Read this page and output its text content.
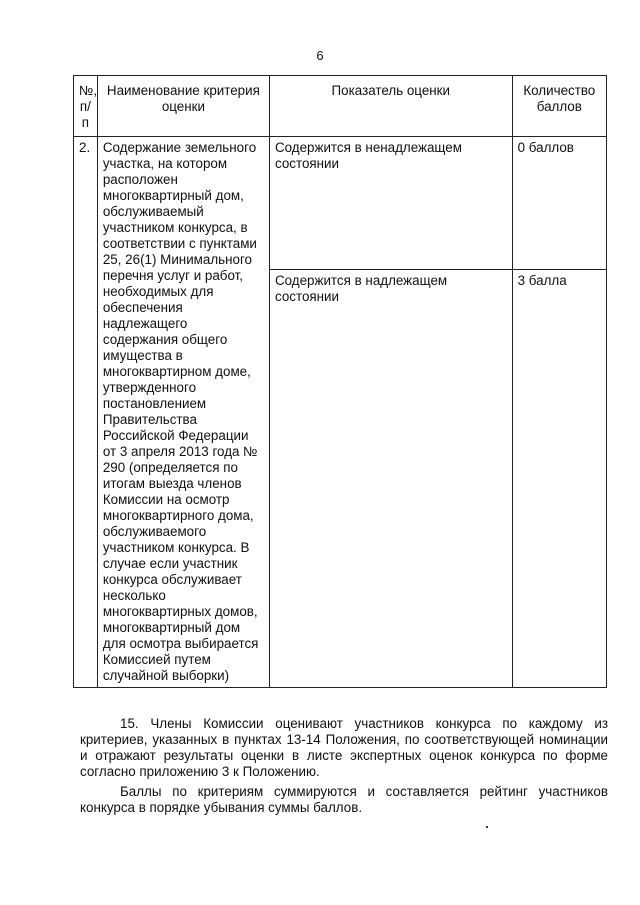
6
№, п/п	Наименование критерия оценки	Показатель оценки	Количество баллов
2.	Содержание земельного участка, на котором расположен многоквартирный дом, обслуживаемый участником конкурса, в соответствии с пунктами 25, 26(1) Минимального перечня услуг и работ, необходимых для обеспечения надлежащего содержания общего имущества в многоквартирном доме, утвержденного постановлением Правительства Российской Федерации от 3 апреля 2013 года № 290 (определяется по итогам выезда членов Комиссии на осмотр многоквартирного дома, обслуживаемого участником конкурса. В случае если участник конкурса обслуживает несколько многоквартирных домов, многоквартирный дом для осмотра выбирается Комиссией путем случайной выборки)	Содержится в ненадлежащем состоянии	0 баллов
		Содержится в надлежащем состоянии	3 балла

15. Члены Комиссии оценивают участников конкурса по каждому из критериев, указанных в пунктах 13-14 Положения, по соответствующей номинации и отражают результаты оценки в листе экспертных оценок конкурса по форме согласно приложению 3 к Положению.

Баллы по критериям суммируются и составляется рейтинг участников конкурса в порядке убывания суммы баллов.
